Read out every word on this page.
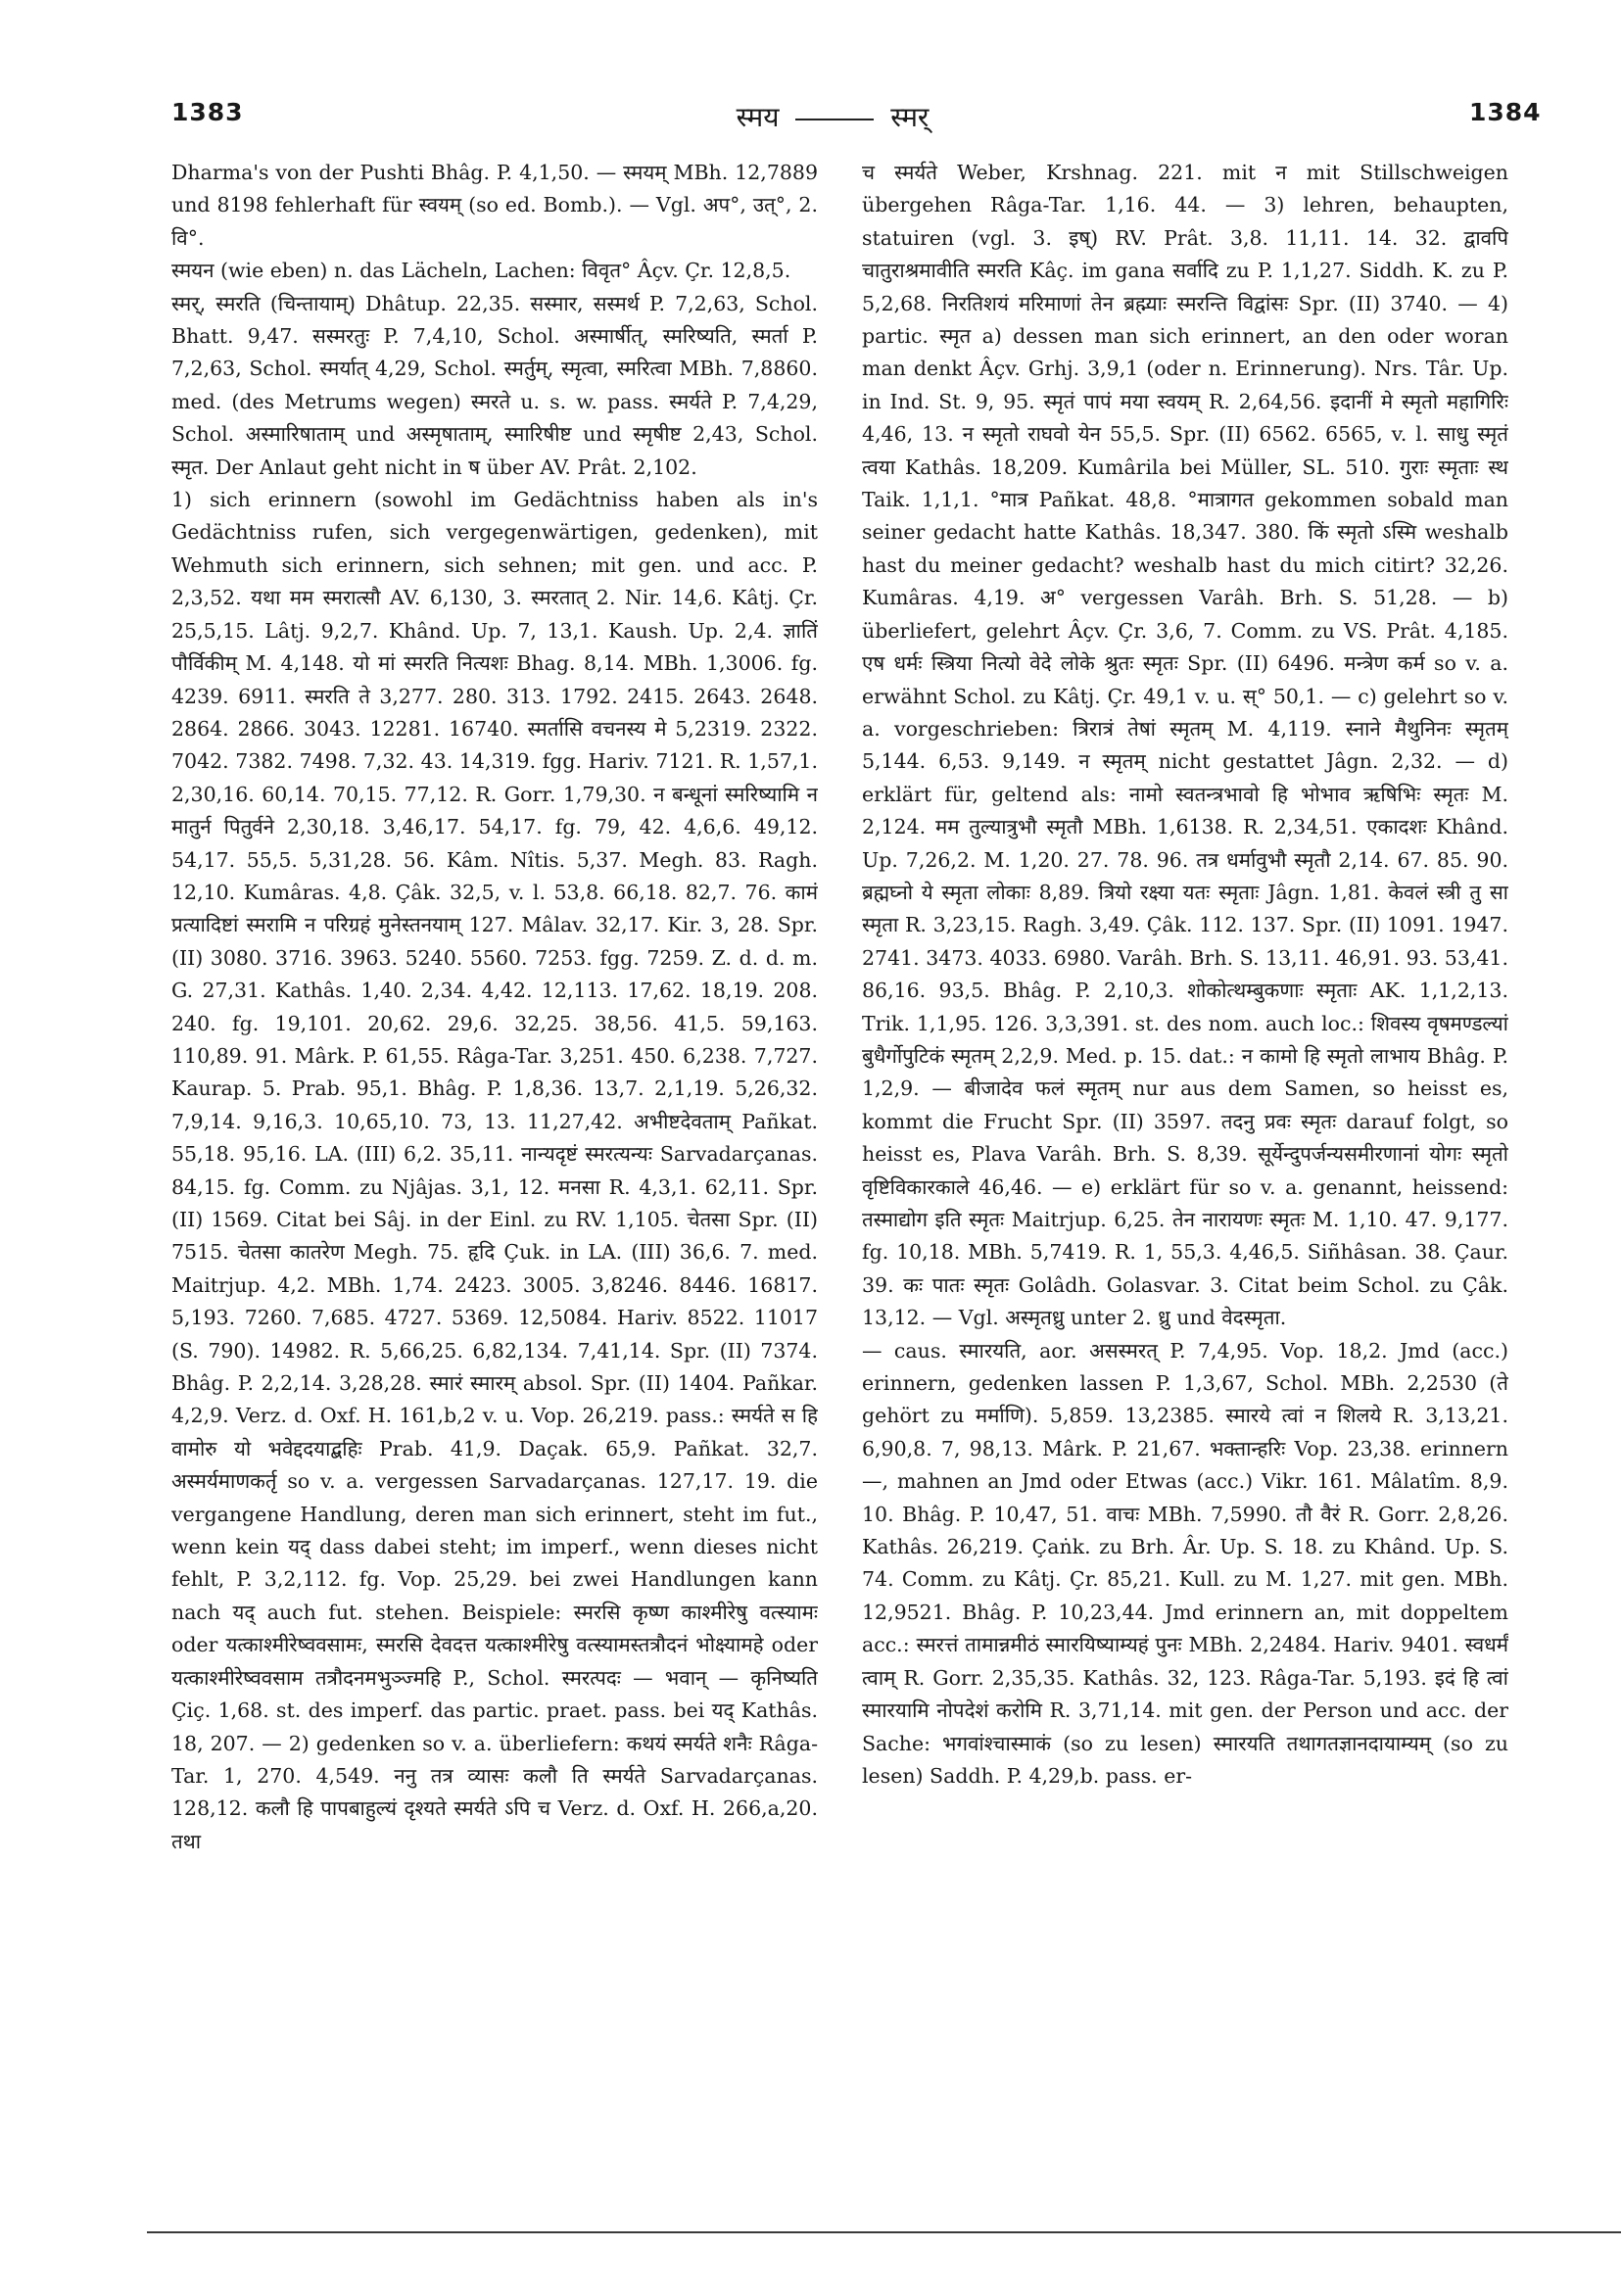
1383	स्मय	स्मर्	1384

Dharma's von der Pushti Bhâg. P. 4,1,50. — स्मयम् MBh. 12,7889 und 8198 fehlerhaft für स्वयम् (so ed. Bomb.). — Vgl. अप°, उत्°, 2. वि°.

स्मयन (wie eben) n. das Lächeln, Lachen: विवृत° Âçv. Çr. 12,8,5.

स्मर्, स्मरति (चिन्तायाम्) Dhâtup. 22,35. सस्मार, सस्मर्थ P. 7,2,63, Schol. Bhatt. 9,47. सस्मरतुः P. 7,4,10, Schol. अस्मार्षीत्, स्मरिष्यति, स्मर्ता P. 7,2,63, Schol. स्मर्यात् 4,29, Schol. स्मर्तुम्, स्मृत्वा, स्मरित्वा MBh. 7,8860. med. (des Metrums wegen) स्मरते u. s. w. pass. स्मर्यते P. 7,4,29, Schol. अस्मारिषाताम् und अस्मृषाताम्, स्मारिषीष्ट und स्मृषीष्ट 2,43, Schol. स्मृत. Der Anlaut geht nicht in ष über AV. Prât. 2,102.

1) sich erinnern (sowohl im Gedächtniss haben als in's Gedächtniss rufen, sich vergegenwärtigen, gedenken), mit Wehmuth sich erinnern, sich sehnen; mit gen. und acc. P. 2,3,52. यथा मम स्मरात्सौ AV. 6,130, 3. स्मरतात् 2. Nir. 14,6. Kâtj. Çr. 25,5,15. Lâtj. 9,2,7. Khând. Up. 7, 13,1. Kaush. Up. 2,4. ज्ञातिं पौर्विकीम् M. 4,148. यो मां स्मरति नित्यशः Bhag. 8,14. MBh. 1,3006. fg. 4239. 6911. स्मरति ते 3,277. 280. 313. 1792. 2415. 2643. 2648. 2864. 2866. 3043. 12281. 16740. स्मर्तासि वचनस्य मे 5,2319. 2322. 7042. 7382. 7498. 7,32. 43. 14,319. fgg. Hariv. 7121. R. 1,57,1. 2,30,16. 60,14. 70,15. 77,12. R. Gorr. 1,79,30. न बन्धूनां स्मरिष्यामि न मातुर्न पितुर्वने 2,30,18. 3,46,17. 54,17. fg. 79, 42. 4,6,6. 49,12. 54,17. 55,5. 5,31,28. 56. Kâm. Nîtis. 5,37. Megh. 83. Ragh. 12,10. Kumâras. 4,8. Çâk. 32,5, v. l. 53,8. 66,18. 82,7. 76. कामं प्रत्यादिष्टां स्मरामि न परिग्रहं मुनेस्तनयाम् 127. Mâlav. 32,17. Kir. 3, 28. Spr. (II) 3080. 3716. 3963. 5240. 5560. 7253. fgg. 7259. Z. d. d. m. G. 27,31. Kathâs. 1,40. 2,34. 4,42. 12,113. 17,62. 18,19. 208. 240. fg. 19,101. 20,62. 29,6. 32,25. 38,56. 41,5. 59,163. 110,89. 91. Mârk. P. 61,55. Râga-Tar. 3,251. 450. 6,238. 7,727. Kaurap. 5. Prab. 95,1. Bhâg. P. 1,8,36. 13,7. 2,1,19. 5,26,32. 7,9,14. 9,16,3. 10,65,10. 73, 13. 11,27,42. अभीष्टदेवताम् Pañkat. 55,18. 95,16. LA. (III) 6,2. 35,11. नान्यदृष्टं स्मरत्यन्यः Sarvadarçanas. 84,15. fg. Comm. zu Njâjas. 3,1, 12. मनसा R. 4,3,1. 62,11. Spr. (II) 1569. Citat bei Sâj. in der Einl. zu RV. 1,105. चेतसा Spr. (II) 7515. चेतसा कातरेण Megh. 75. हृदि Çuk. in LA. (III) 36,6. 7. med. Maitrjup. 4,2. MBh. 1,74. 2423. 3005. 3,8246. 8446. 16817. 5,193. 7260. 7,685. 4727. 5369. 12,5084. Hariv. 8522. 11017 (S. 790). 14982. R. 5,66,25. 6,82,134. 7,41,14. Spr. (II) 7374. Bhâg. P. 2,2,14. 3,28,28. स्मारं स्मारम् absol. Spr. (II) 1404. Pañkar. 4,2,9. Verz. d. Oxf. H. 161,b,2 v. u. Vop. 26,219. pass.: स्मर्यते स हि वामोरु यो भवेद्ददयाद्बहिः Prab. 41,9. Daçak. 65,9. Pañkat. 32,7. अस्मर्यमाणकर्तृ so v. a. vergessen Sarvadarçanas. 127,17. 19. die vergangene Handlung, deren man sich erinnert, steht im fut., wenn kein यद् dass dabei steht; im imperf., wenn dieses nicht fehlt, P. 3,2,112. fg. Vop. 25,29. bei zwei Handlungen kann nach यद् auch fut. stehen. Beispiele: स्मरसि कृष्ण काश्मीरेषु वत्स्यामः oder यत्काश्मीरेष्ववसामः, स्मरसि देवदत्त यत्काश्मीरेषु वत्स्यामस्तत्रौदनं भोक्ष्यामहे oder यत्काश्मीरेष्ववसाम तत्रौदनमभुञ्ज्महि P., Schol. स्मरत्पदः — भवान् — कृनिष्यति Çiç. 1,68. st. des imperf. das partic. praet. pass. bei यद् Kathâs. 18, 207. — 2) gedenken so v. a. überliefern: कथयं स्मर्यते शनैः Râga-Tar. 1, 270. 4,549. ननु तत्र व्यासः कलौ ति स्मर्यते Sarvadarçanas. 128,12. कलौ हि पापबाहुल्यं दृश्यते स्मर्यते ऽपि च Verz. d. Oxf. H. 266,a,20. तथा

च स्मर्यते Weber, Krshnag. 221. mit न mit Stillschweigen übergehen Râga-Tar. 1,16. 44. — 3) lehren, behaupten, statuiren (vgl. 3. इष्) RV. Prât. 3,8. 11,11. 14. 32. द्वावपि चातुराश्रमावीति स्मरति Kâç. im gana सर्वादि zu P. 1,1,27. Siddh. K. zu P. 5,2,68. निरतिशयं मरिमाणां तेन ब्रह्म्याः स्मरन्ति विद्वांसः Spr. (II) 3740. — 4) partic. स्मृत a) dessen man sich erinnert, an den oder woran man denkt Âçv. Grhj. 3,9,1 (oder n. Erinnerung). Nrs. Târ. Up. in Ind. St. 9, 95. स्मृतं पापं मया स्वयम् R. 2,64,56. इदानीं मे स्मृतो महागिरिः 4,46, 13. न स्मृतो राघवो येन 55,5. Spr. (II) 6562. 6565, v. l. साधु स्मृतं त्वया Kathâs. 18,209. Kumârila bei Müller, SL. 510. गुराः स्मृताः स्थ Taik. 1,1,1. °मात्र Pañkat. 48,8. °मात्रागत gekommen sobald man seiner gedacht hatte Kathâs. 18,347. 380. किं स्मृतो ऽस्मि weshalb hast du meiner gedacht? weshalb hast du mich citirt? 32,26. Kumâras. 4,19. अ° vergessen Varâh. Brh. S. 51,28. — b) überliefert, gelehrt Âçv. Çr. 3,6, 7. Comm. zu VS. Prât. 4,185. एष धर्मः स्त्रिया नित्यो वेदे लोके श्रुतः स्मृतः Spr. (II) 6496. मन्त्रेण कर्म so v. a. erwähnt Schol. zu Kâtj. Çr. 49,1 v. u. स्° 50,1. — c) gelehrt so v. a. vorgeschrieben: त्रिरात्रं तेषां स्मृतम् M. 4,119. स्नाने मैथुनिनः स्मृतम् 5,144. 6,53. 9,149. न स्मृतम् nicht gestattet Jâgn. 2,32. — d) erklärt für, geltend als: नामो स्वतन्त्रभावो हि भोभाव ऋषिभिः स्मृतः M. 2,124. मम तुल्यात्रुभौ स्मृतौ MBh. 1,6138. R. 2,34,51. एकादशः Khând. Up. 7,26,2. M. 1,20. 27. 78. 96. तत्र धर्मावुभौ स्मृतौ 2,14. 67. 85. 90. ब्रह्मघ्नो ये स्मृता लोकाः 8,89. त्रियो रक्ष्या यतः स्मृताः Jâgn. 1,81. केवलं स्त्री तु सा स्मृता R. 3,23,15. Ragh. 3,49. Çâk. 112. 137. Spr. (II) 1091. 1947. 2741. 3473. 4033. 6980. Varâh. Brh. S. 13,11. 46,91. 93. 53,41. 86,16. 93,5. Bhâg. P. 2,10,3. शोकोत्थम्बुकणाः स्मृताः AK. 1,1,2,13. Trik. 1,1,95. 126. 3,3,391. st. des nom. auch loc.: शिवस्य वृषमण्डल्यां बुधैर्गोपुटिकं स्मृतम् 2,2,9. Med. p. 15. dat.: न कामो हि स्मृतो लाभाय Bhâg. P. 1,2,9. — बीजादेव फलं स्मृतम् nur aus dem Samen, so heisst es, kommt die Frucht Spr. (II) 3597. तदनु प्रवः स्मृतः darauf folgt, so heisst es, Plava Varâh. Brh. S. 8,39. सूर्येन्दुपर्जन्यसमीरणानां योगः स्मृतो वृष्टिविकारकाले 46,46. — e) erklärt für so v. a. genannt, heissend: तस्माद्योग इति स्मृतः Maitrjup. 6,25. तेन नारायणः स्मृतः M. 1,10. 47. 9,177. fg. 10,18. MBh. 5,7419. R. 1, 55,3. 4,46,5. Siñhâsan. 38. Çaur. 39. कः पातः स्मृतः Golâdh. Golasvar. 3. Citat beim Schol. zu Çâk. 13,12. — Vgl. अस्मृतध्रु unter 2. ध्रु und वेदस्मृता.

— caus. स्मारयति, aor. असस्मरत् P. 7,4,95. Vop. 18,2. Jmd (acc.) erinnern, gedenken lassen P. 1,3,67, Schol. MBh. 2,2530 (ते gehört zu मर्माणि). 5,859. 13,2385. स्मारये त्वां न शिलये R. 3,13,21. 6,90,8. 7, 98,13. Mârk. P. 21,67. भक्तान्हरिः Vop. 23,38. erinnern —, mahnen an Jmd oder Etwas (acc.) Vikr. 161. Mâlatîm. 8,9. 10. Bhâg. P. 10,47, 51. वाचः MBh. 7,5990. तौ वैरं R. Gorr. 2,8,26. Kathâs. 26,219. Çaṅk. zu Brh. Âr. Up. S. 18. zu Khând. Up. S. 74. Comm. zu Kâtj. Çr. 85,21. Kull. zu M. 1,27. mit gen. MBh. 12,9521. Bhâg. P. 10,23,44. Jmd erinnern an, mit doppeltem acc.: स्मरत्तं तामान्नमीठं स्मारयिष्याम्यहं पुनः MBh. 2,2484. Hariv. 9401. स्वधर्मं त्वाम् R. Gorr. 2,35,35. Kathâs. 32, 123. Râga-Tar. 5,193. इदं हि त्वां स्मारयामि नोपदेशं करोमि R. 3,71,14. mit gen. der Person und acc. der Sache: भगवांश्चास्माकं (so zu lesen) स्मारयति तथागतज्ञानदायाम्यम् (so zu lesen) Saddh. P. 4,29,b. pass. er-
